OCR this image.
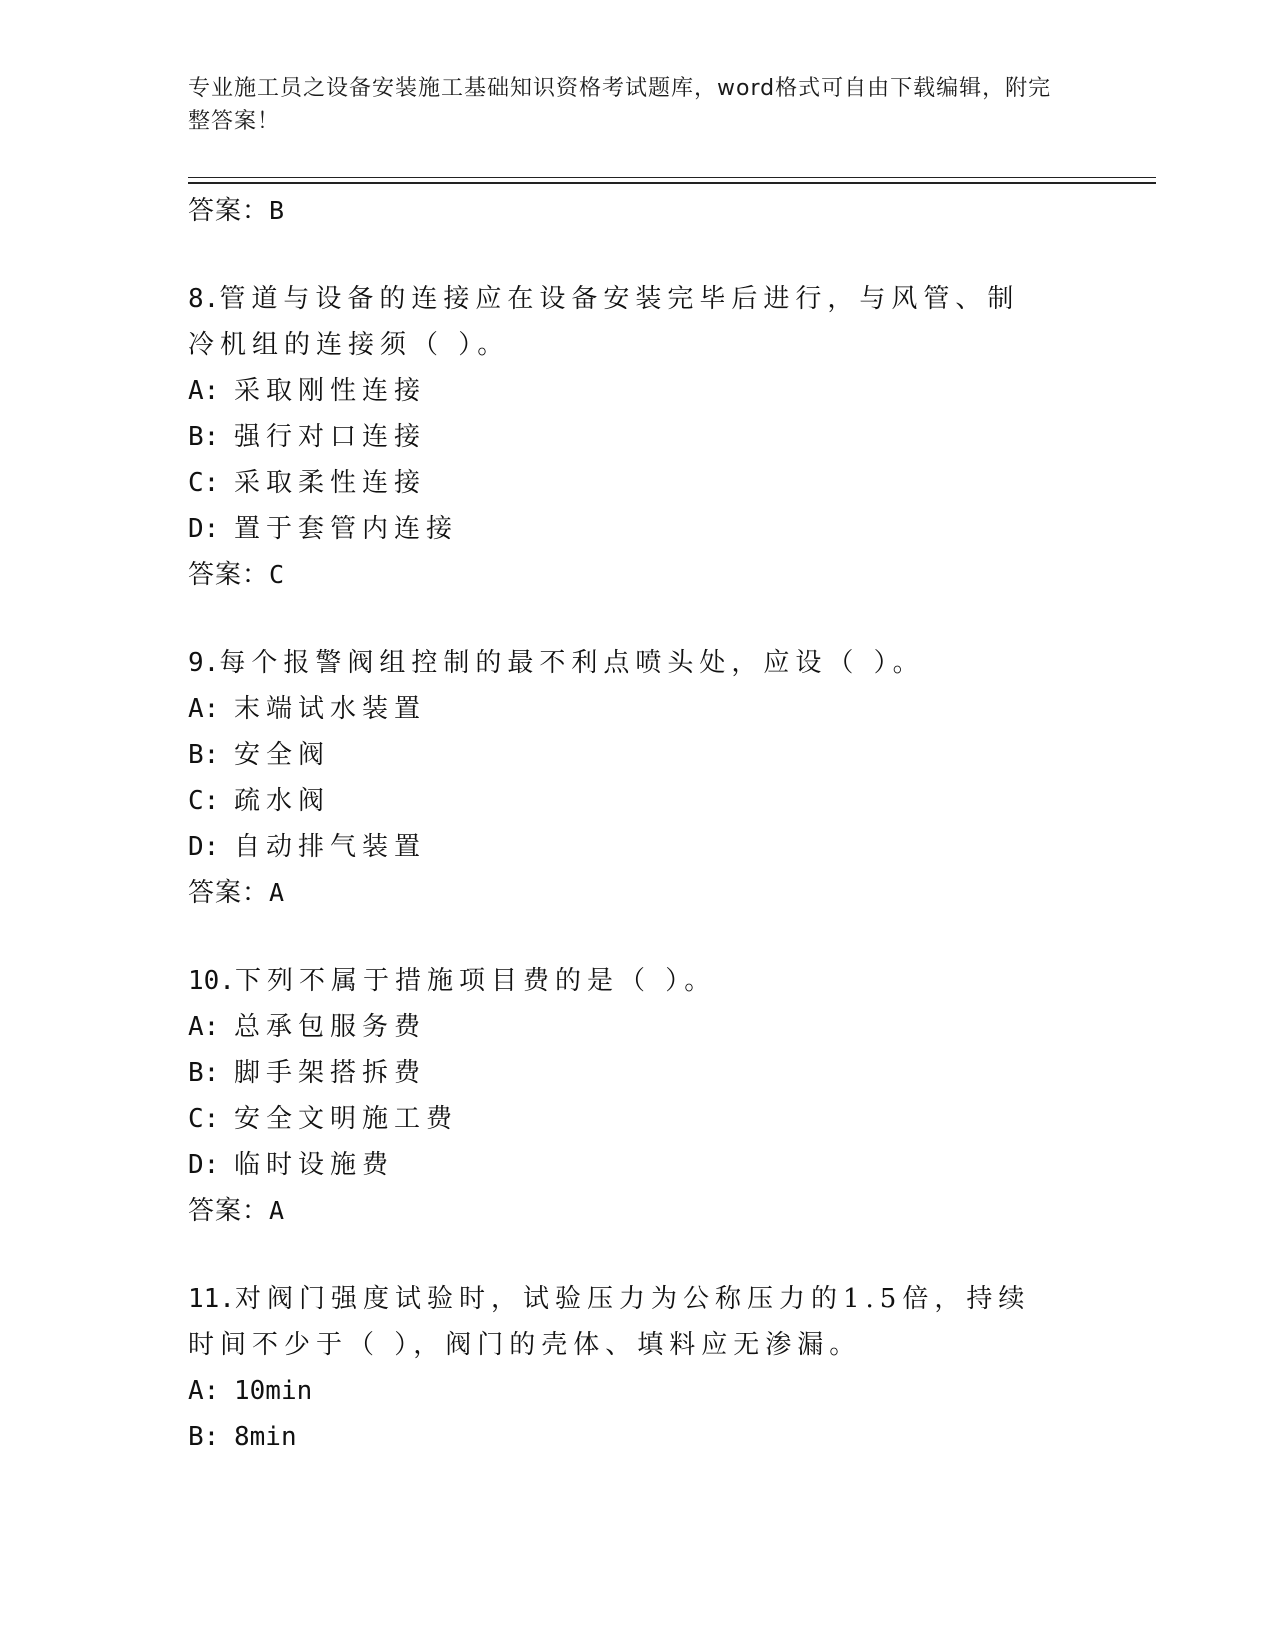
专业施工员之设备安装施工基础知识资格考试题库，word格式可自由下载编辑，附完整答案！
答案：B
8.管道与设备的连接应在设备安装完毕后进行，与风管、制冷机组的连接须（ ）。
A: 采取刚性连接
B: 强行对口连接
C: 采取柔性连接
D: 置于套管内连接
答案：C
9.每个报警阀组控制的最不利点喷头处，应设（ ）。
A: 末端试水装置
B: 安全阀
C: 疏水阀
D: 自动排气装置
答案：A
10.下列不属于措施项目费的是（ ）。
A: 总承包服务费
B: 脚手架搭拆费
C: 安全文明施工费
D: 临时设施费
答案：A
11.对阀门强度试验时，试验压力为公称压力的1.5倍，持续时间不少于（ ），阀门的壳体、填料应无渗漏。
A: 10min
B: 8min
